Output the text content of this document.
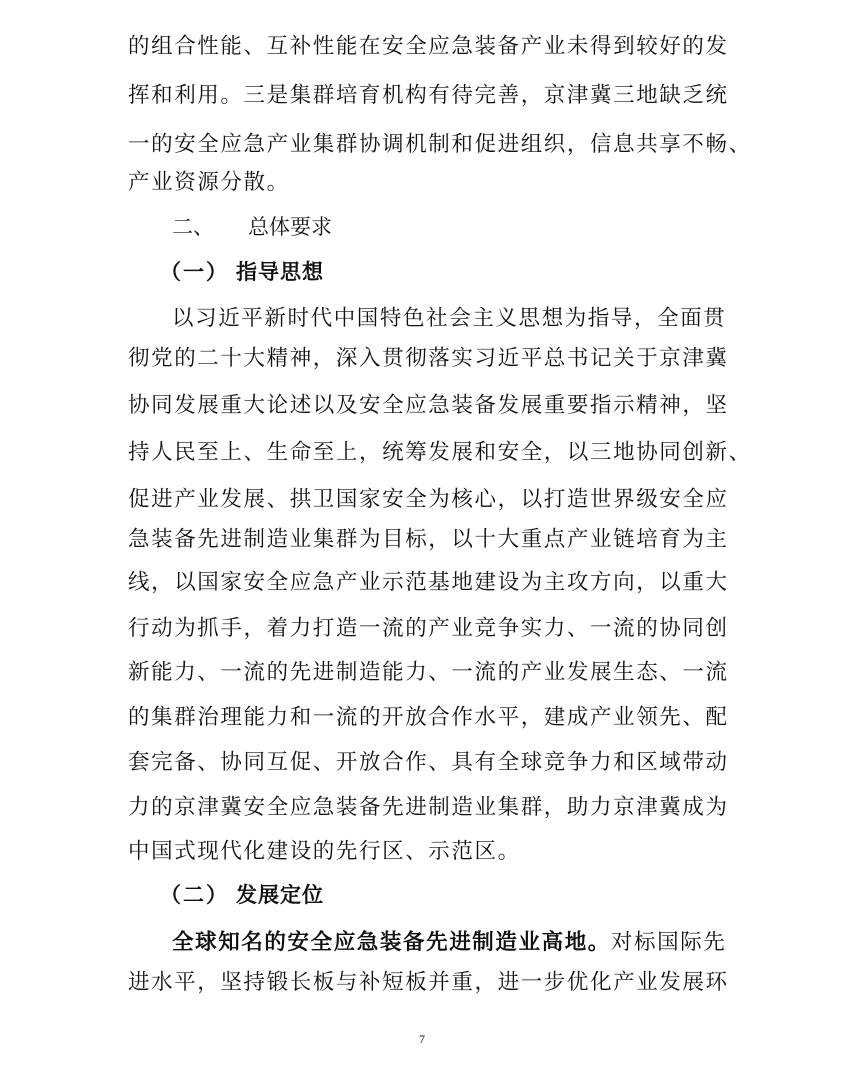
的组合性能、互补性能在安全应急装备产业未得到较好的发
挥和利用。三是集群培育机构有待完善，京津冀三地缺乏统
一的安全应急产业集群协调机制和促进组织，信息共享不畅、
产业资源分散。
二、 总体要求
（一） 指导思想
以习近平新时代中国特色社会主义思想为指导，全面贯
彻党的二十大精神，深入贯彻落实习近平总书记关于京津冀
协同发展重大论述以及安全应急装备发展重要指示精神，坚
持人民至上、生命至上，统筹发展和安全，以三地协同创新、
促进产业发展、拱卫国家安全为核心，以打造世界级安全应
急装备先进制造业集群为目标，以十大重点产业链培育为主
线，以国家安全应急产业示范基地建设为主攻方向，以重大
行动为抓手，着力打造一流的产业竞争实力、一流的协同创
新能力、一流的先进制造能力、一流的产业发展生态、一流
的集群治理能力和一流的开放合作水平，建成产业领先、配
套完备、协同互促、开放合作、具有全球竞争力和区域带动
力的京津冀安全应急装备先进制造业集群，助力京津冀成为
中国式现代化建设的先行区、示范区。
（二） 发展定位
全球知名的安全应急装备先进制造业高地。对标国际先
进水平，坚持锻长板与补短板并重，进一步优化产业发展环
7
